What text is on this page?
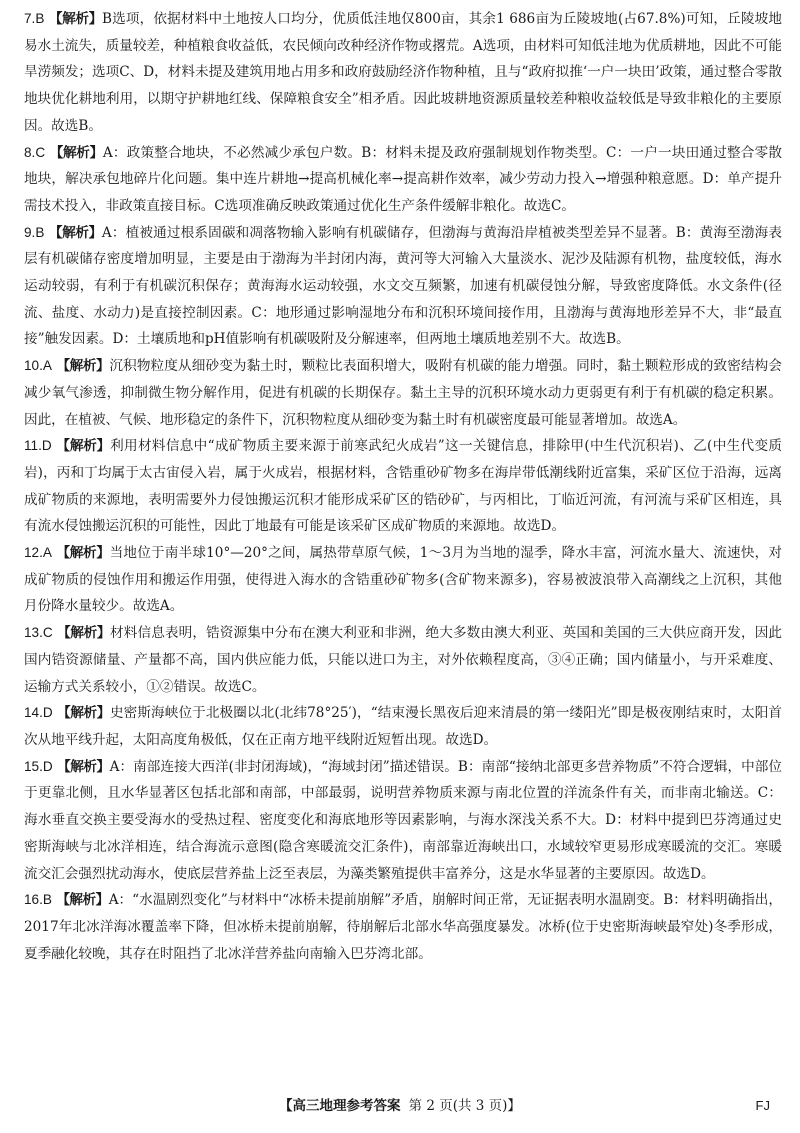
7.B 【解析】B选项，依据材料中土地按人口均分，优质低洼地仅800亩，其余1 686亩为丘陵坡地(占67.8%)可知，丘陵坡地易水土流失，质量较差，种植粮食收益低，农民倾向改种经济作物或撂荒。A选项，由材料可知低洼地为优质耕地，因此不可能旱涝频发；选项C、D，材料未提及建筑用地占用多和政府鼓励经济作物种植，且与“政府拟推‘一户一块田’政策，通过整合零散地块优化耕地利用，以期守护耕地红线、保障粮食安全”相矛盾。因此坡耕地资源质量较差种粮收益较低是导致非粮化的主要原因。故选B。

8.C 【解析】A：政策整合地块，不必然减少承包户数。B：材料未提及政府强制规划作物类型。C：一户一块田通过整合零散地块，解决承包地碎片化问题。集中连片耕地→提高机械化率→提高耕作效率，减少劳动力投入→增强种粮意愿。D：单产提升需技术投入，非政策直接目标。C选项准确反映政策通过优化生产条件缓解非粮化。故选C。

9.B 【解析】A：植被通过根系固碳和凋落物输入影响有机碳储存，但渤海与黄海沿岸植被类型差异不显著。B：黄海至渤海表层有机碳储存密度增加明显，主要是由于渤海为半封闭内海，黄河等大河输入大量淡水、泥沙及陆源有机物，盐度较低，海水运动较弱，有利于有机碳沉积保存；黄海海水运动较强，水文交互频繁，加速有机碳侵蚀分解，导致密度降低。水文条件(径流、盐度、水动力)是直接控制因素。C：地形通过影响湿地分布和沉积环境间接作用，且渤海与黄海地形差异不大，非“最直接”触发因素。D：土壤质地和pH值影响有机碳吸附及分解速率，但两地土壤质地差别不大。故选B。

10.A 【解析】沉积物粒度从细砂变为黏土时，颗粒比表面积增大，吸附有机碳的能力增强。同时，黏土颗粒形成的致密结构会减少氧气渗透，抑制微生物分解作用，促进有机碳的长期保存。黏土主导的沉积环境水动力更弱更有利于有机碳的稳定积累。因此，在植被、气候、地形稳定的条件下，沉积物粒度从细砂变为黏土时有机碳密度最可能显著增加。故选A。

11.D 【解析】利用材料信息中“成矿物质主要来源于前寒武纪火成岩”这一关键信息，排除甲(中生代沉积岩)、乙(中生代变质岩)，丙和丁均属于太古宙侵入岩，属于火成岩，根据材料，含锆重砂矿物多在海岸带低潮线附近富集，采矿区位于沿海，远离成矿物质的来源地，表明需要外力侵蚀搬运沉积才能形成采矿区的锆砂矿，与丙相比，丁临近河流，有河流与采矿区相连，具有流水侵蚀搬运沉积的可能性，因此丁地最有可能是该采矿区成矿物质的来源地。故选D。

12.A 【解析】当地位于南半球10°—20°之间，属热带草原气候，1～3月为当地的湿季，降水丰富，河流水量大、流速快，对成矿物质的侵蚀作用和搬运作用强，使得进入海水的含锆重砂矿物多(含矿物来源多)，容易被波浪带入高潮线之上沉积，其他月份降水量较少。故选A。

13.C 【解析】材料信息表明，锆资源集中分布在澳大利亚和非洲，绝大多数由澳大利亚、英国和美国的三大供应商开发，因此国内锆资源储量、产量都不高，国内供应能力低，只能以进口为主，对外依赖程度高，③④正确；国内储量小，与开采难度、运输方式关系较小，①②错误。故选C。

14.D 【解析】史密斯海峡位于北极圈以北(北纬78°25′)，“结束漫长黑夜后迎来清晨的第一缕阳光”即是极夜刚结束时，太阳首次从地平线升起，太阳高度角极低，仅在正南方地平线附近短暂出现。故选D。

15.D 【解析】A：南部连接大西洋(非封闭海域)，“海域封闭”描述错误。B：南部“接纳北部更多营养物质”不符合逻辑，中部位于更靠北侧，且水华显著区包括北部和南部，中部最弱，说明营养物质来源与南北位置的洋流条件有关，而非南北输送。C：海水垂直交换主要受海水的受热过程、密度变化和海底地形等因素影响，与海水深浅关系不大。D：材料中提到巴芬湾通过史密斯海峡与北冰洋相连，结合海流示意图(隐含寒暖流交汇条件)，南部靠近海峡出口，水域较窄更易形成寒暖流的交汇。寒暖流交汇会强烈扰动海水，使底层营养盐上泛至表层，为藻类繁殖提供丰富养分，这是水华显著的主要原因。故选D。

16.B 【解析】A：“水温剧烈变化”与材料中“冰桥未提前崩解”矛盾，崩解时间正常，无证据表明水温剧变。B：材料明确指出，2017年北冰洋海冰覆盖率下降，但冰桥未提前崩解，待崩解后北部水华高强度暴发。冰桥(位于史密斯海峡最窄处)冬季形成，夏季融化较晚，其存在时阻挡了北冰洋营养盐向南输入巴芬湾北部。

【高三地理参考答案 第 2 页(共 3 页)】	FJ
